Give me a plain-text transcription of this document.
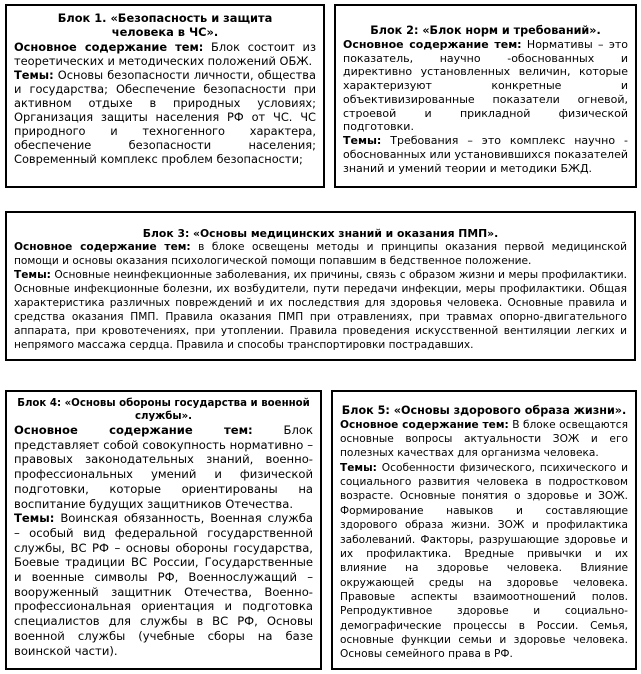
Блок 1. «Безопасность и защита
человека в ЧС».

Основное содержание тем: Блок состоит из теоретических и методических положений ОБЖ.

Темы: Основы безопасности личности, общества и государства; Обеспечение безопасности при активном отдыхе в природных условиях; Организация защиты населения РФ от ЧС. ЧС природного и техногенного характера, обеспечение безопасности населения; Современный комплекс проблем безопасности;

Блок 2: «Блок норм и требований».

Основное содержание тем: Нормативы – это показатель, научно -обоснованных и директивно установленных величин, которые характеризуют конкретные и объективизированные показатели огневой, строевой и прикладной физической подготовки.

Темы: Требования – это комплекс научно - обоснованных или установившихся показателей знаний и умений теории и методики БЖД.

Блок 3: «Основы медицинских знаний и оказания ПМП».

Основное содержание тем: в блоке освещены методы и принципы оказания первой медицинской помощи и основы оказания психологической помощи попавшим в бедственное положение.

Темы: Основные неинфекционные заболевания, их причины, связь с образом жизни и меры профилактики. Основные инфекционные болезни, их возбудители, пути передачи инфекции, меры профилактики. Общая характеристика различных повреждений и их последствия для здоровья человека. Основные правила и средства оказания ПМП. Правила оказания ПМП при отравлениях, при травмах опорно-двигательного аппарата, при кровотечениях, при утоплении. Правила проведения искусственной вентиляции легких и непрямого массажа сердца. Правила и способы транспортировки пострадавших.

Блок 4: «Основы обороны государства и военной
службы».

Основное содержание тем: Блок представляет собой совокупность нормативно –правовых законодательных знаний, военно-профессиональных умений и физической подготовки, которые ориентированы на воспитание будущих защитников Отечества.

Темы: Воинская обязанность, Военная служба – особый вид федеральной государственной службы, ВС РФ – основы обороны государства, Боевые традиции ВС России, Государственные и военные символы РФ, Военнослужащий – вооруженный защитник Отечества, Военно-профессиональная ориентация и подготовка специалистов для службы в ВС РФ, Основы военной службы (учебные сборы на базе воинской части).

Блок 5: «Основы здорового образа жизни».

Основное содержание тем: В блоке освещаются основные вопросы актуальности ЗОЖ и его полезных качествах для организма человека.

Темы: Особенности физического, психического и социального развития человека в подростковом возрасте. Основные понятия о здоровье и ЗОЖ. Формирование навыков и составляющие здорового образа жизни. ЗОЖ и профилактика заболеваний. Факторы, разрушающие здоровье и их профилактика. Вредные привычки и их влияние на здоровье человека. Влияние окружающей среды на здоровье человека. Правовые аспекты взаимоотношений полов. Репродуктивное здоровье и социально-демографические процессы в России. Семья, основные функции семьи и здоровье человека. Основы семейного права в РФ.
